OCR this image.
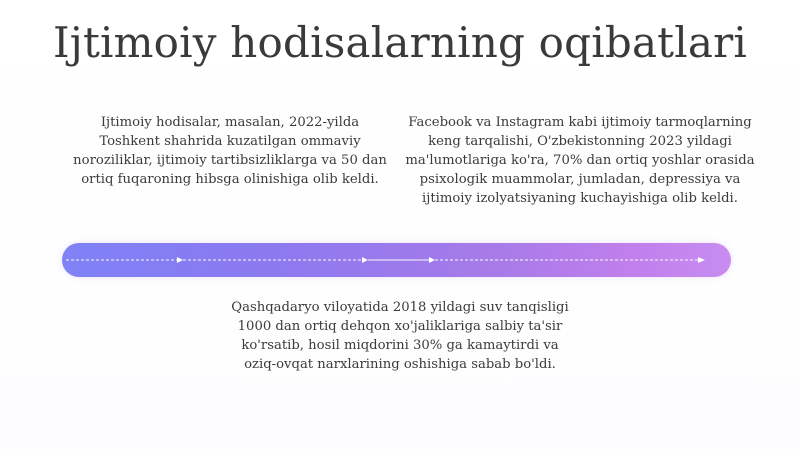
Ijtimoiy hodisalarning oqibatlari
Ijtimoiy hodisalar, masalan, 2022-yilda Toshkent shahrida kuzatilgan ommaviy noroziliklar, ijtimoiy tartibsizliklarga va 50 dan ortiq fuqaroning hibsga olinishiga olib keldi.
Facebook va Instagram kabi ijtimoiy tarmoqlarning keng tarqalishi, O'zbekistonning 2023 yildagi ma'lumotlariga ko'ra, 70% dan ortiq yoshlar orasida psixologik muammolar, jumladan, depressiya va ijtimoiy izolyatsiyaning kuchayishiga olib keldi.
Qashqadaryo viloyatida 2018 yildagi suv tanqisligi 1000 dan ortiq dehqon xo'jaliklariga salbiy ta'sir ko'rsatib, hosil miqdorini 30% ga kamaytirdi va oziq-ovqat narxlarining oshishiga sabab bo'ldi.
